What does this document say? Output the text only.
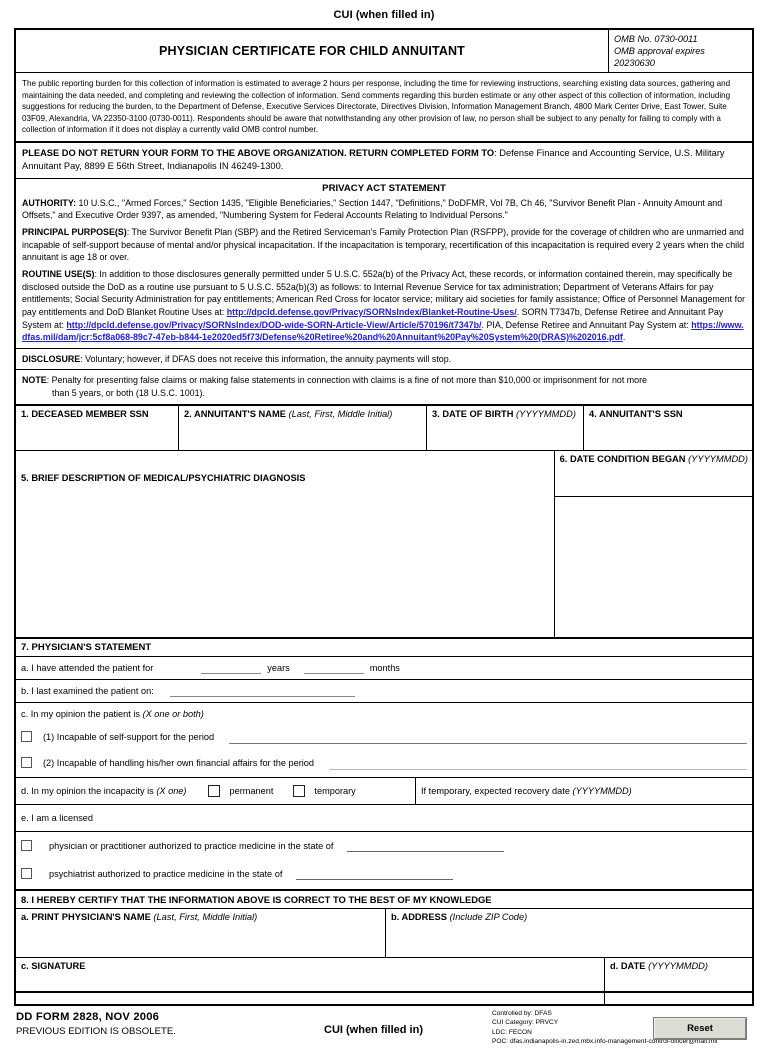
CUI (when filled in)
PHYSICIAN CERTIFICATE FOR CHILD ANNUITANT
OMB No. 0730-0011
OMB approval expires
20230630
The public reporting burden for this collection of information is estimated to average 2 hours per response, including the time for reviewing instructions, searching existing data sources, gathering and maintaining the data needed, and completing and reviewing the collection of information. Send comments regarding this burden estimate or any other aspect of this collection of information, including suggestions for reducing the burden, to the Department of Defense, Executive Services Directorate, Directives Division, Information Management Branch, 4800 Mark Center Drive, East Tower, Suite 03F09, Alexandria, VA 22350-3100 (0730-0011). Respondents should be aware that notwithstanding any other provision of law, no person shall be subject to any penalty for failing to comply with a collection of information if it does not display a currently valid OMB control number.
PLEASE DO NOT RETURN YOUR FORM TO THE ABOVE ORGANIZATION. RETURN COMPLETED FORM TO: Defense Finance and Accounting Service, U.S. Military Annuitant Pay, 8899 E 56th Street, Indianapolis IN 46249-1300.
PRIVACY ACT STATEMENT
AUTHORITY: 10 U.S.C., "Armed Forces," Section 1435, "Eligible Beneficiaries," Section 1447, "Definitions," DoDFMR, Vol 7B, Ch 46, "Survivor Benefit Plan - Annuity Amount and Offsets," and Executive Order 9397, as amended, "Numbering System for Federal Accounts Relating to Individual Persons."
PRINCIPAL PURPOSE(S): The Survivor Benefit Plan (SBP) and the Retired Serviceman's Family Protection Plan (RSFPP), provide for the coverage of children who are unmarried and incapable of self-support because of mental and/or physical incapacitation. If the incapacitation is temporary, recertification of this incapacitation is required every 2 years when the child annuitant is age 18 or over.
ROUTINE USE(S): In addition to those disclosures generally permitted under 5 U.S.C. 552a(b) of the Privacy Act, these records, or information contained therein, may specifically be disclosed outside the DoD as a routine use pursuant to 5 U.S.C. 552a(b)(3) as follows: to Internal Revenue Service for tax administration; Department of Veterans Affairs for pay entitlements; Social Security Administration for pay entitlements; American Red Cross for locator service; military aid societies for family assistance; Office of Personnel Management for pay entitlements and DoD Blanket Routine Uses at: http://dpcld.defense.gov/Privacy/SORNsIndex/Blanket-Routine-Uses/. SORN T7347b, Defense Retiree and Annuitant Pay System at: http://dpcld.defense.gov/Privacy/SORNsIndex/DOD-wide-SORN-Article-View/Article/570196/t7347b/. PIA, Defense Retiree and Annuitant Pay System at: https://www.dfas.mil/dam/jcr:5cf8a068-89c7-47eb-b844-1e2020ed5f73/Defense%20Retiree%20and%20Annuitant%20Pay%20System%20(DRAS)%202016.pdf.
DISCLOSURE: Voluntary; however, if DFAS does not receive this information, the annuity payments will stop.
NOTE: Penalty for presenting false claims or making false statements in connection with claims is a fine of not more than $10,000 or imprisonment for not more
than 5 years, or both (18 U.S.C. 1001).
1. DECEASED MEMBER SSN	2. ANNUITANT'S NAME (Last, First, Middle Initial)	3. DATE OF BIRTH (YYYYMMDD)	4. ANNUITANT'S SSN
5. BRIEF DESCRIPTION OF MEDICAL/PSYCHIATRIC DIAGNOSIS
6. DATE CONDITION BEGAN (YYYYMMDD)
7. PHYSICIAN'S STATEMENT
a. I have attended the patient for	years	months
b. I last examined the patient on:
c. In my opinion the patient is (X one or both)
(1) Incapable of self-support for the period
(2) Incapable of handling his/her own financial affairs for the period
d. In my opinion the incapacity is (X one)	permanent	temporary	If temporary, expected recovery date (YYYYMMDD)
e. I am a licensed
physician or practitioner authorized to practice medicine in the state of
psychiatrist authorized to practice medicine in the state of
8. I HEREBY CERTIFY THAT THE INFORMATION ABOVE IS CORRECT TO THE BEST OF MY KNOWLEDGE
a. PRINT PHYSICIAN'S NAME (Last, First, Middle Initial)	b. ADDRESS (Include ZIP Code)
c. SIGNATURE	d. DATE (YYYYMMDD)
DD FORM 2828, NOV 2006
PREVIOUS EDITION IS OBSOLETE.	CUI (when filled in)
Controlled by: DFAS
CUI Category: PRVCY
LDC: FECON
POC: dfas.indianapolis-in.zed.mbx.info-management-control-officer@mail.mil
Reset
